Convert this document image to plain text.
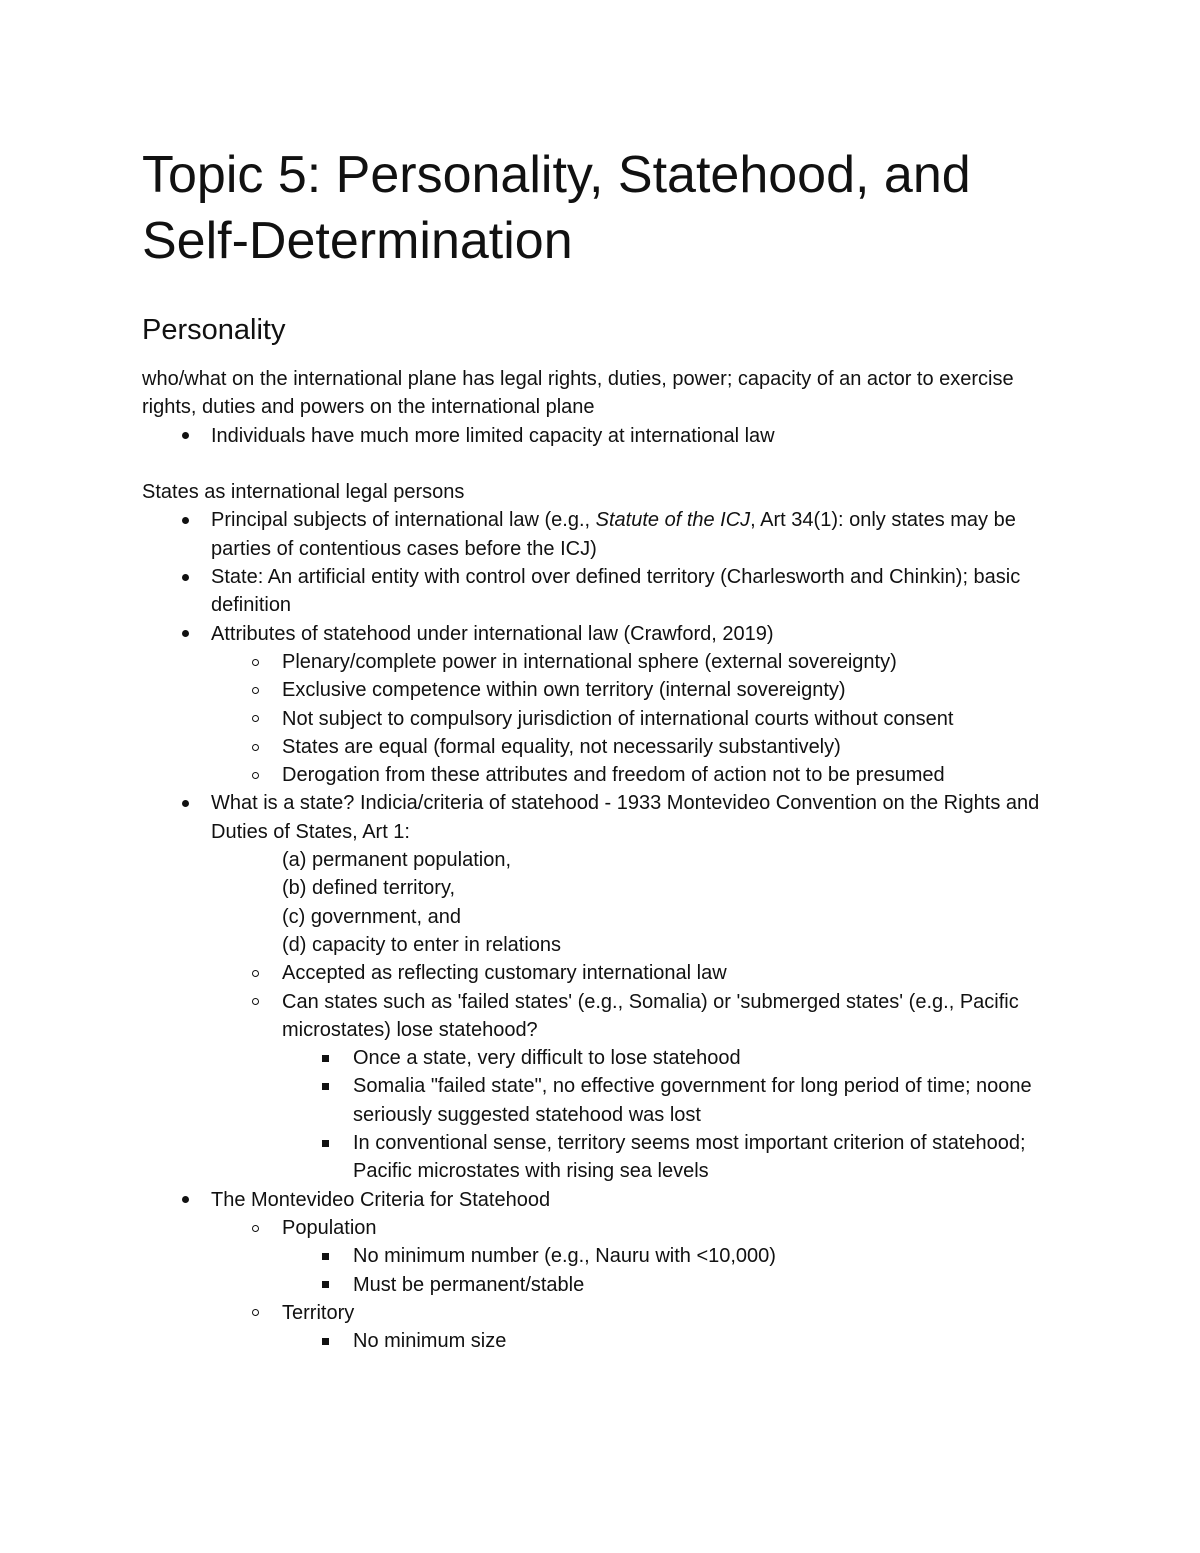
Topic 5: Personality, Statehood, and Self-Determination
Personality

who/what on the international plane has legal rights, duties, power; capacity of an actor to exercise rights, duties and powers on the international plane

Individuals have much more limited capacity at international law

States as international legal persons

Principal subjects of international law (e.g., Statute of the ICJ, Art 34(1): only states may be parties of contentious cases before the ICJ)
State: An artificial entity with control over defined territory (Charlesworth and Chinkin); basic definition
Attributes of statehood under international law (Crawford, 2019)
Plenary/complete power in international sphere (external sovereignty)
Exclusive competence within own territory (internal sovereignty)
Not subject to compulsory jurisdiction of international courts without consent
States are equal (formal equality, not necessarily substantively)
Derogation from these attributes and freedom of action not to be presumed
What is a state? Indicia/criteria of statehood - 1933 Montevideo Convention on the Rights and Duties of States, Art 1:
(a) permanent population,
(b) defined territory,
(c) government, and
(d) capacity to enter in relations
Accepted as reflecting customary international law
Can states such as 'failed states' (e.g., Somalia) or 'submerged states' (e.g., Pacific microstates) lose statehood?
Once a state, very difficult to lose statehood
Somalia "failed state", no effective government for long period of time; noone seriously suggested statehood was lost
In conventional sense, territory seems most important criterion of statehood; Pacific microstates with rising sea levels
The Montevideo Criteria for Statehood
Population
No minimum number (e.g., Nauru with <10,000)
Must be permanent/stable
Territory
No minimum size
